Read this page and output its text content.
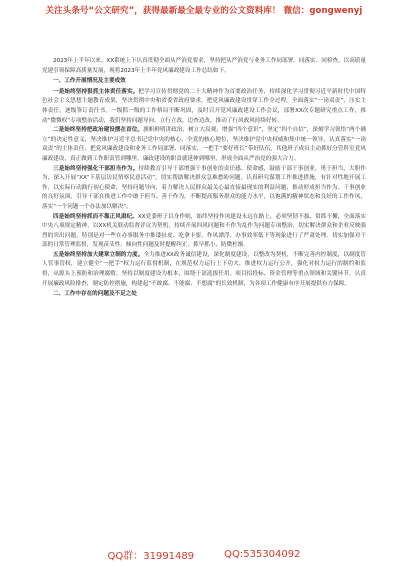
关注头条号“公文研究”，获得最新最全最专业的公文资料库！ 微信：gongwenyj

2023年上半年以来，XX系统上下认真贯彻全面从严治党要求，坚持把从严治党与业务工作同部署、同落实、同检查，以高质量党建引领保障高质量发展，现将2023年上半年党风廉政建设工作总结如下。

一、工作开展情况及主要成效

一是始终坚持狠抓主体责任落实。把学习宣传贯彻党的二十大精神作为首要政治任务，持续深化学习贯彻习近平新时代中国特色社会主义思想主题教育成果，坚决贯彻中央和省委省政府要求，把党风廉政建设贯穿工作全过程。全面落实“一岗双责”，压实主体责任，逐级签订责任书，一级抓一级的工作格局不断巩固，及时召开党风廉政建设工作会议，部署XX次专题研究重点工作，推动“微微权”专项整治活动，我们坚持问题导向，立行立改，边查边改，推动了行风政风持续好转。

二是始终坚持把政治建设摆在首位。旗帜鲜明讲政治，树立大局观，增强“四个意识”，坚定“四个自信”，深刻学习领悟“两个确立”的决定性意义，坚决维护习近平总书记党中央的核心、全党的核心地位，坚决维护党中央权威和集中统一领导，认真落实“一岗双责”的主体责任，把党风廉政建设和业务工作同部署、同落实，一把手“要好班长”带好队伍，其他班子成员主动抓好分管科室党风廉政建设，真正做到工作职责管到哪里，廉政建设的职责就延伸到哪里，形成全面从严治党的强大合力。

三是始终坚持强化干部担当作为。持续教育引导干部增强干事创业的责任感、使命感，鼓励干部干事创业，勇于担当，大胆作为，深入开展“XX“下基层访民情察民意活动”，切实帮助解决群众急难愁盼问题。认真研究谋划工作推进措施，有针对性地开展工作，以实际行动践行初心使命，坚持问题导向，着力解决人民群众最关心最直接最现实的利益问题，推动形成担当作为、干事创业的良好氛围，引导干部在推进工作中敢于担当、善于作为，不断提高服务群众的能力水平，以饱满的精神状态和良好的工作作风，落实“一个问题一个办法加以解决”。

四是始终坚持抓而不靠正风肃纪。XX党委班子以身作则，始终坚持作风建设永远在路上，必须坚韧不拔、常抓不懈，全面落实中央八项规定精神，以XX机关联动监督评议为契机，持续开展四风问题和不作为乱作为问题专项整治，切实解决群众和企业反映强烈的突出问题，特别是对一些在办事服务中推诿扯皮、吃拿卡要、作风漂浮、办事效率低下等现象进行了严肃处理。切实加强对干部的日常管理监督，发现苗头性、倾向性问题及时提醒纠正，抓早抓小、防微杜渐。

五是始终坚持加大建章立制的力度。全力推进XX政务诚信建设，深化制度建设，以整改为契机，不断完善内控制度，以制度管人管事管权，建立健全“一把手”权力运行监督机制，在规范权力运行上下功夫，推进权力运行公开，强化对权力运行的制约和监督，从源头上预防和治理腐败。坚持以制度建设为根本，围绕干部选拔任用、项目招投标、资金管理等重点领域和关键环节，认真开展廉政风险排查，制定防控措施，构建起“不敢腐、不能腐、不想腐”的长效机制，为各项工作健康有序开展提供有力保障。

二、工作中存在的问题及不足之处

QQ群：31991489	QQ:535304092
